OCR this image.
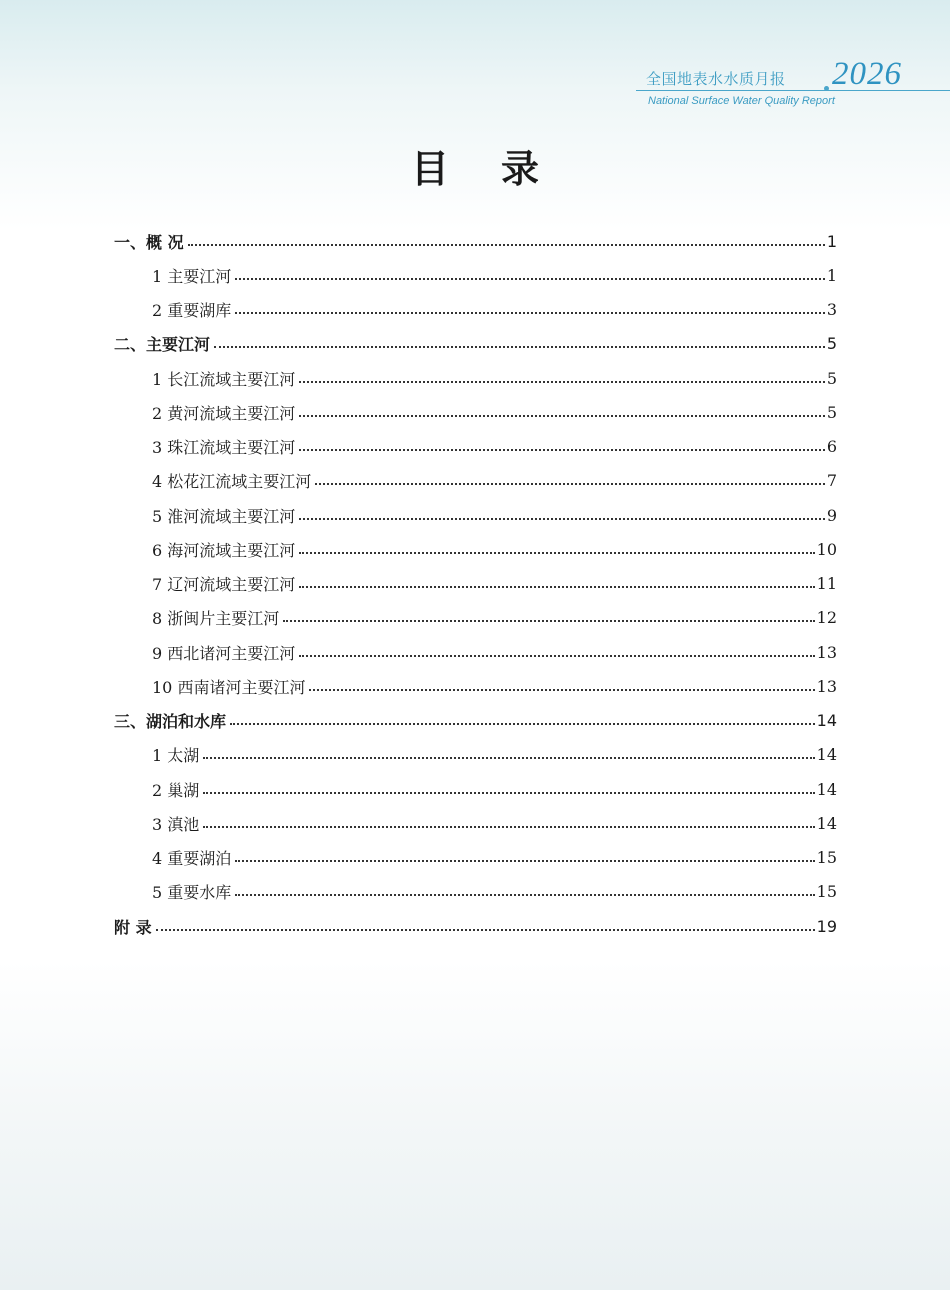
全国地表水水质月报 2026
National Surface Water Quality Report
目录
一、概 况	1
1 主要江河	1
2 重要湖库	3
二、主要江河	5
1 长江流域主要江河	5
2 黄河流域主要江河	5
3 珠江流域主要江河	6
4 松花江流域主要江河	7
5 淮河流域主要江河	9
6 海河流域主要江河	10
7 辽河流域主要江河	11
8 浙闽片主要江河	12
9 西北诸河主要江河	13
10 西南诸河主要江河	13
三、湖泊和水库	14
1 太湖	14
2 巢湖	14
3 滇池	14
4 重要湖泊	15
5 重要水库	15
附 录	19
